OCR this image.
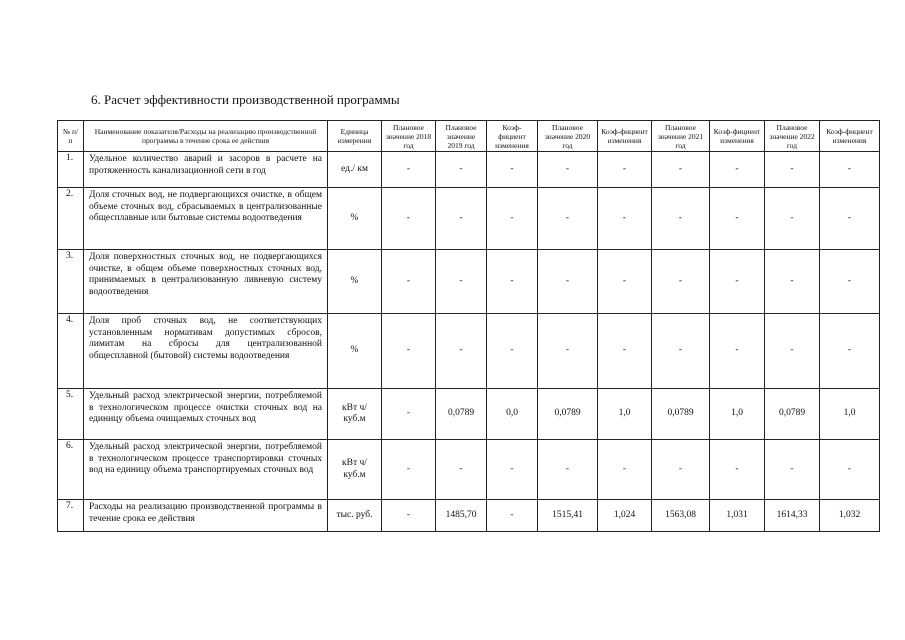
6. Расчет эффективности производственной программы
№ п/п	Наименование показателя/Расходы на реализацию производственной программы в течение срока ее действия	Единица измерения	Плановое значение 2018 год	Плановое значение 2019 год	Коэф-фициент изменения	Плановое значение 2020 год	Коэф-фициент изменения	Плановое значение 2021 год	Коэф-фициент изменения	Плановое значение 2022 год	Коэф-фициент изменения
1.	Удельное количество аварий и засоров в расчете на протяженность канализационной сети в год	ед./ км	-	-	-	-	-	-	-	-	-
2.	Доля сточных вод, не подвергающихся очистке, в общем объеме сточных вод, сбрасываемых в централизованные общесплавные или бытовые системы водоотведения	%	-	-	-	-	-	-	-	-	-
3.	Доля поверхностных сточных вод, не подвергающихся очистке, в общем объеме поверхностных сточных вод, принимаемых в централизованную ливневую систему водоотведения	%	-	-	-	-	-	-	-	-	-
4.	Доля проб сточных вод, не соответствующих установленным нормативам допустимых сбросов, лимитам на сбросы для централизованной общесплавной (бытовой) системы водоотведения	%	-	-	-	-	-	-	-	-	-
5.	Удельный расход электрической энергии, потребляемой в технологическом процессе очистки сточных вод на единицу объема очищаемых сточных вод	кВт ч/куб.м	-	0,0789	0,0	0,0789	1,0	0,0789	1,0	0,0789	1,0
6.	Удельный расход электрической энергии, потребляемой в технологическом процессе транспортировки сточных вод на единицу объема транспортируемых сточных вод	кВт ч/куб.м	-	-	-	-	-	-	-	-	-
7.	Расходы на реализацию производственной программы в течение срока ее действия	тыс. руб.	-	1485,70	-	1515,41	1,024	1563,08	1,031	1614,33	1,032
